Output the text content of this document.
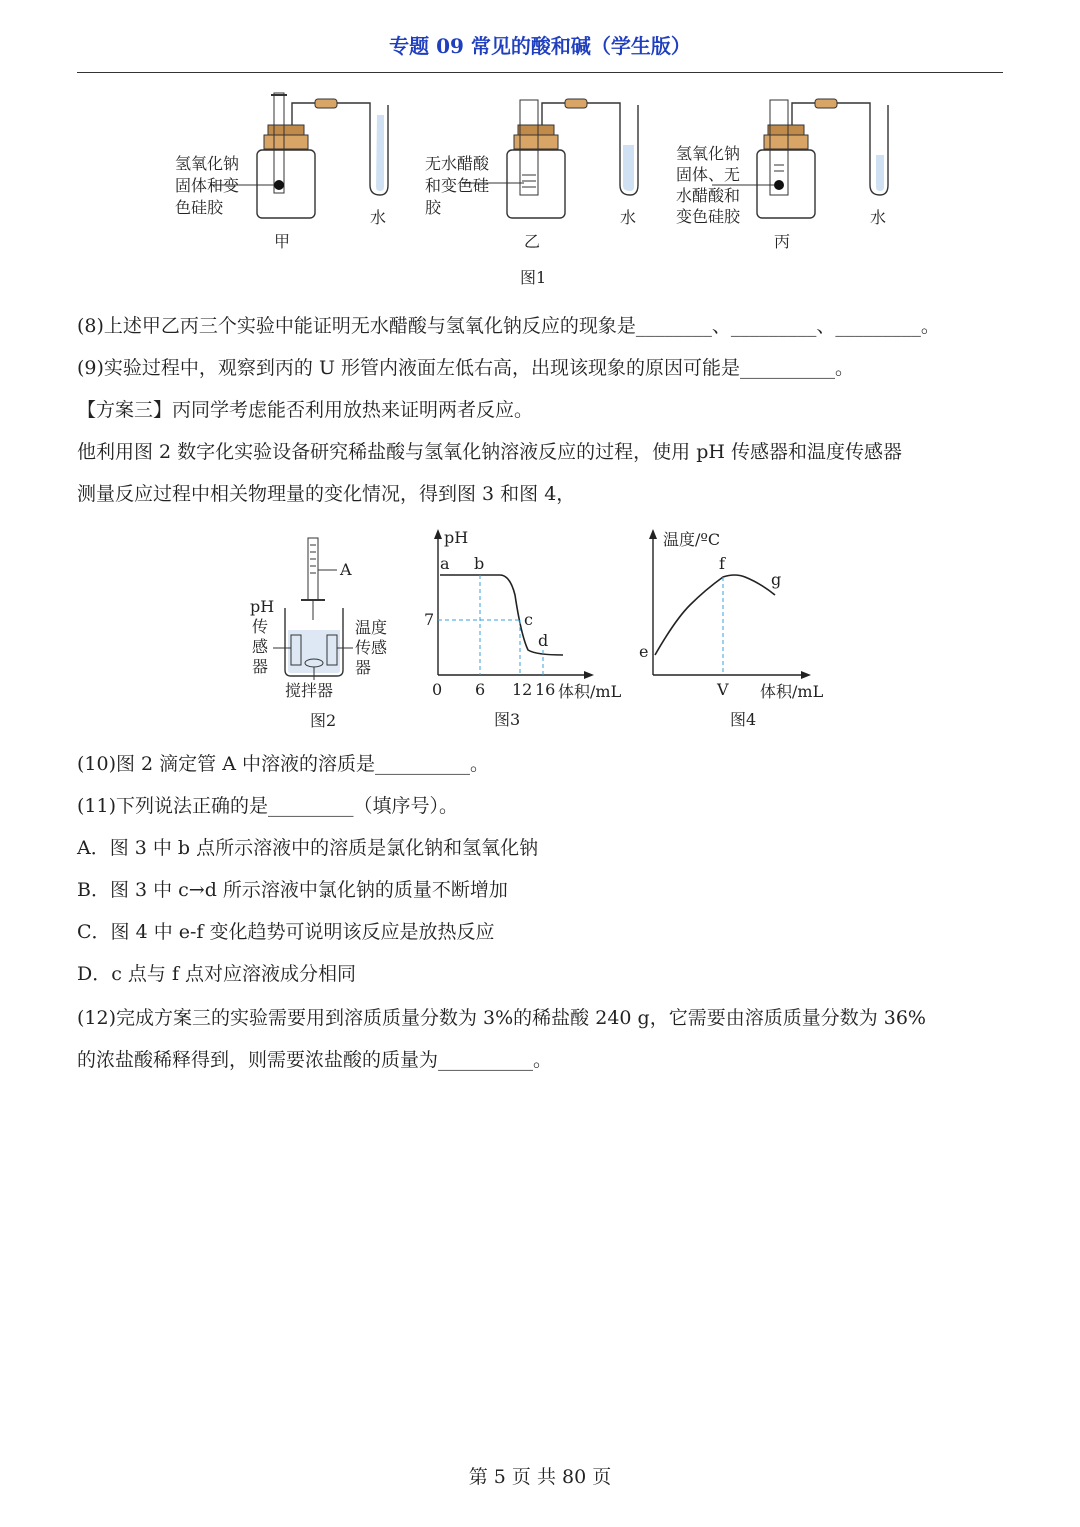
专题 09 常见的酸和碱（学生版）
氢氧化钠
固体和变
色硅胶
甲
水
无水醋酸
和变色硅
胶
乙
水
氢氧化钠
固体、无
水醋酸和
变色硅胶
丙
水
图1
(8)上述甲乙丙三个实验中能证明无水醋酸与氢氧化钠反应的现象是________、_________、_________。
(9)实验过程中，观察到丙的 U 形管内液面左低右高，出现该现象的原因可能是__________。
【方案三】丙同学考虑能否利用放热来证明两者反应。
他利用图 2 数字化实验设备研究稀盐酸与氢氧化钠溶液反应的过程，使用 pH 传感器和温度传感器
测量反应过程中相关物理量的变化情况，得到图 3 和图 4，
A
pH
传
感
器
温度
传感
器
搅拌器
图2
pH
体积/mL
图3
7
0 6 12 16
a b
c
d
温度/ºC
体积/mL
图4
V
e
f
g
(10)图 2 滴定管 A 中溶液的溶质是__________。
(11)下列说法正确的是_________（填序号）。
A．图 3 中 b 点所示溶液中的溶质是氯化钠和氢氧化钠
B．图 3 中 c→d 所示溶液中氯化钠的质量不断增加
C．图 4 中 e-f 变化趋势可说明该反应是放热反应
D．c 点与 f 点对应溶液成分相同
(12)完成方案三的实验需要用到溶质质量分数为 3%的稀盐酸 240 g，它需要由溶质质量分数为 36%
的浓盐酸稀释得到，则需要浓盐酸的质量为__________。
第 5 页 共 80 页
